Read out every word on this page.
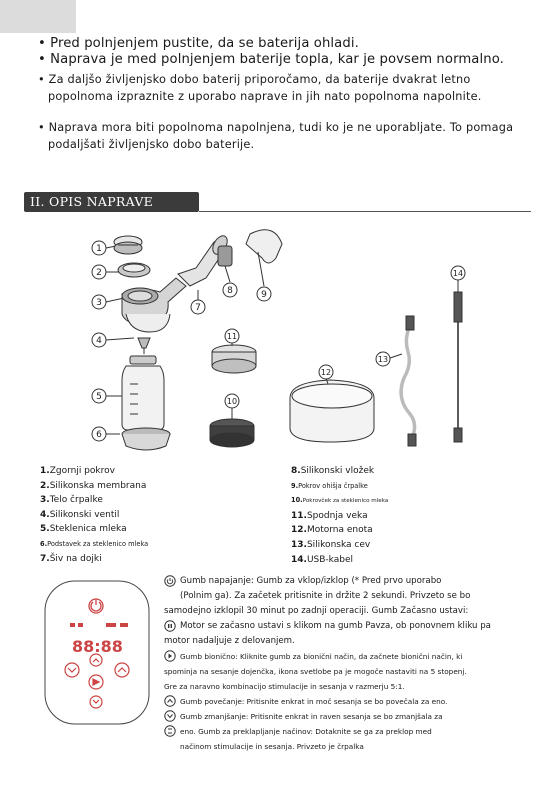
• Pred polnjenjem pustite, da se baterija ohladi.

• Naprava je med polnjenjem baterije topla, kar je povsem normalno.

• Za daljšo življenjsko dobo baterij priporočamo, da baterije dvakrat letno popolnoma izpraznite z uporabo naprave in jih nato popolnoma napolnite.

• Naprava mora biti popolnoma napolnjena, tudi ko je ne uporabljate. To pomaga podaljšati življenjsko dobo baterije.

II. OPIS NAPRAVE
1
2
3
4
5
6
7
8	9
10
11
12
13
14
1.Zgornji pokrov
2.Silikonska membrana
3.Telo črpalke
4.Silikonski ventil
5.Steklenica mleka
6.Podstavek za steklenico mleka
7.Šiv na dojki
8.Silikonski vložek
9.Pokrov ohišja črpalke
10.Pokrovček za steklenico mleka
11.Spodnja veka
12.Motorna enota
13.Silikonska cev
14.USB-kabel
88:88

Gumb napajanje: Gumb za vklop/izklop (* Pred prvo uporabo

(Polnim ga). Za začetek pritisnite in držite 2 sekundi. Privzeto se bo

samodejno izklopil 30 minut po zadnji operaciji. Gumb Začasno ustavi:

Motor se začasno ustavi s klikom na gumb Pavza, ob ponovnem kliku pa

motor nadaljuje z delovanjem.

Gumb bionično: Kliknite gumb za bionični način, da začnete bionični način, ki

spominja na sesanje dojenčka, ikona svetlobe pa je mogoče nastaviti na 5 stopenj.

Gre za naravno kombinacijo stimulacije in sesanja v razmerju 5:1.

Gumb povečanje: Pritisnite enkrat in moč sesanja se bo povečala za eno.

Gumb zmanjšanje: Pritisnite enkrat in raven sesanja se bo zmanjšala za

eno. Gumb za preklapljanje načinov: Dotaknite se ga za preklop med

načinom stimulacije in sesanja. Privzeto je črpalka
